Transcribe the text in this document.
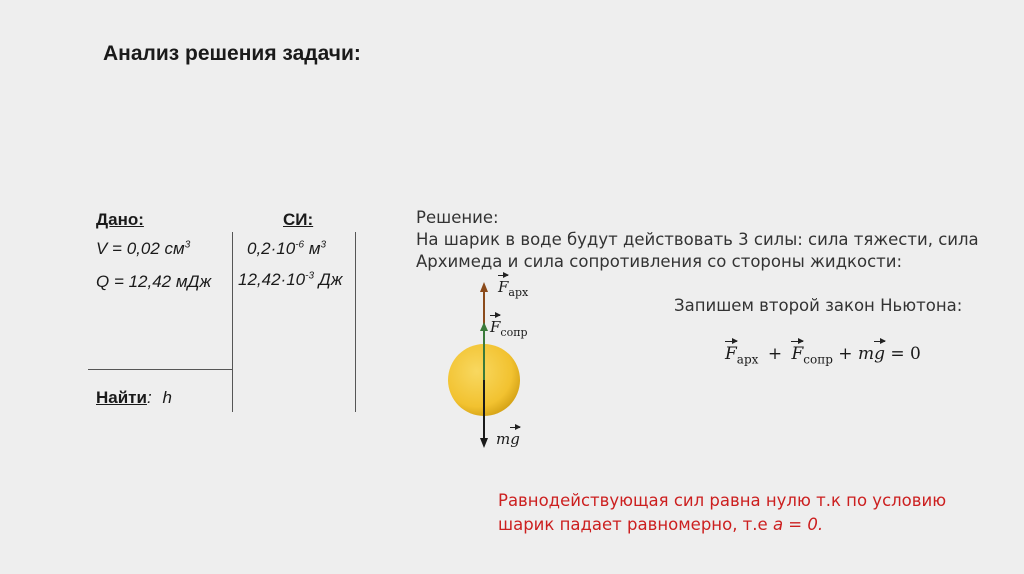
Анализ решения задачи:
Дано:
V = 0,02 $см^3$
Q = 12,42 мДж
Найти: h
СИ:
$0,2\cdot 10^{-6}$ $м^3$
$12,42\cdot 10^{-3}$ Дж
Решение:
На шарик в воде будут действовать 3 силы: сила тяжести, сила
Архимеда и сила сопротивления со стороны жидкости:
Запишем второй закон Ньютона:
$F_{арх}$
$F_{сопр}$
mg
$F_{арх} + F_{сопр}$ + mg = 0
Равнодействующая сил равна нулю т.к по условию
шарик падает равномерно, т.е a = 0.
